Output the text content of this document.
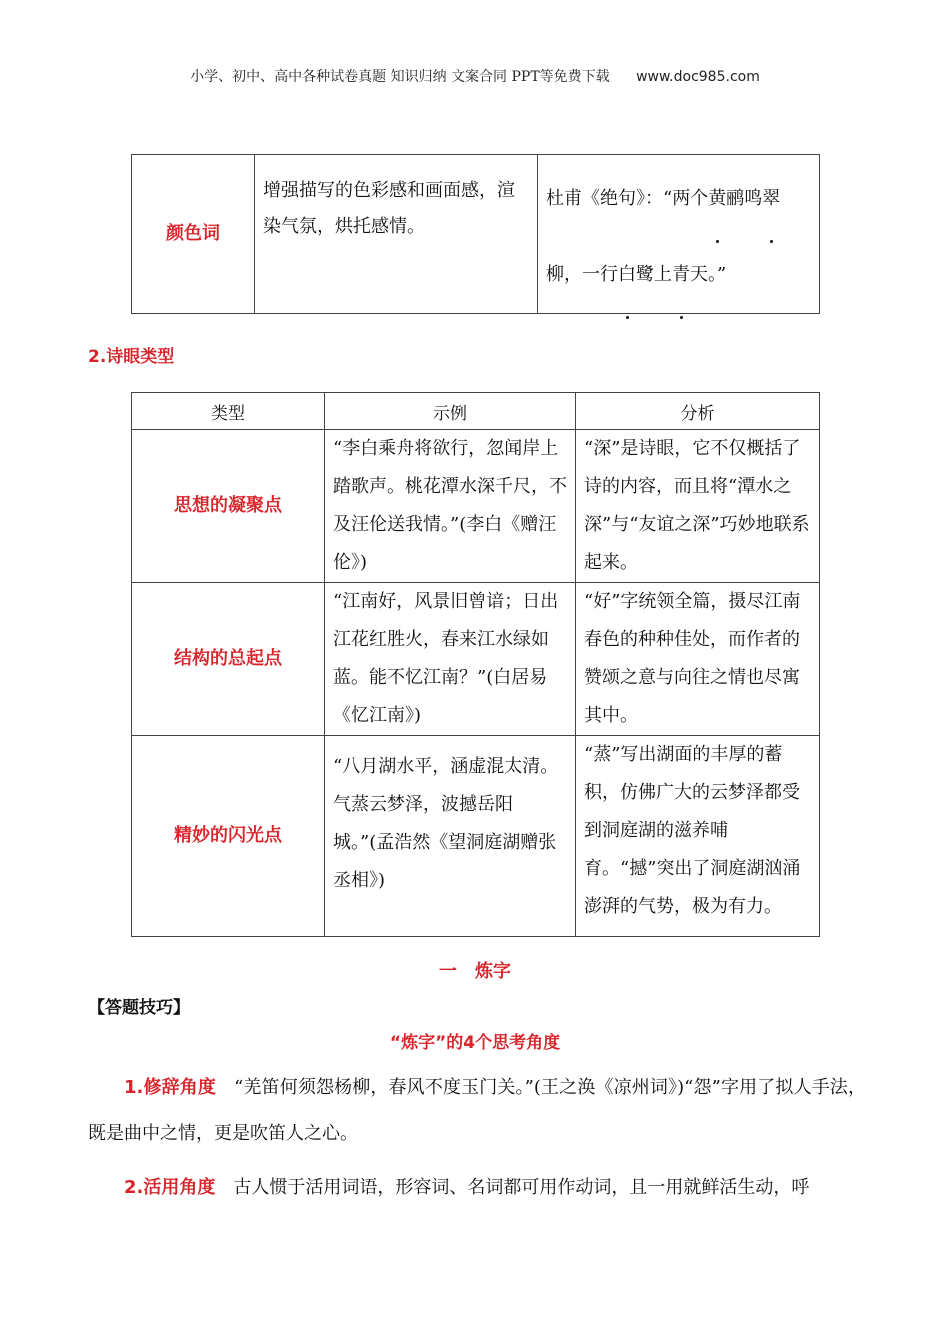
小学、初中、高中各种试卷真题 知识归纳 文案合同 PPT等免费下载 www.doc985.com
颜色词	增强描写的色彩感和画面感，渲染气氛，烘托感情。	杜甫《绝句》：“两个黄鹂鸣翠柳，一行白鹭上青天。”
2.诗眼类型
类型	示例	分析
思想的凝聚点	“李白乘舟将欲行，忽闻岸上踏歌声。桃花潭水深千尺，不及汪伦送我情。”(李白《赠汪伦》)	“深”是诗眼，它不仅概括了诗的内容，而且将“潭水之深”与“友谊之深”巧妙地联系起来。
结构的总起点	“江南好，风景旧曾谙；日出江花红胜火，春来江水绿如蓝。能不忆江南？”(白居易《忆江南》)	“好”字统领全篇，摄尽江南春色的种种佳处，而作者的赞颂之意与向往之情也尽寓其中。
精妙的闪光点	“八月湖水平，涵虚混太清。气蒸云梦泽，波撼岳阳城。”(孟浩然《望洞庭湖赠张丞相》)	“蒸”写出湖面的丰厚的蓄积，仿佛广大的云梦泽都受到洞庭湖的滋养哺育。“撼”突出了洞庭湖汹涌澎湃的气势，极为有力。
一　炼字
【答题技巧】
“炼字”的4个思考角度
1.修辞角度 “羌笛何须怨杨柳，春风不度玉门关。”(王之涣《凉州词》)“怨”字用了拟人手法，既是曲中之情，更是吹笛人之心。
2.活用角度 古人惯于活用词语，形容词、名词都可用作动词，且一用就鲜活生动，呼
